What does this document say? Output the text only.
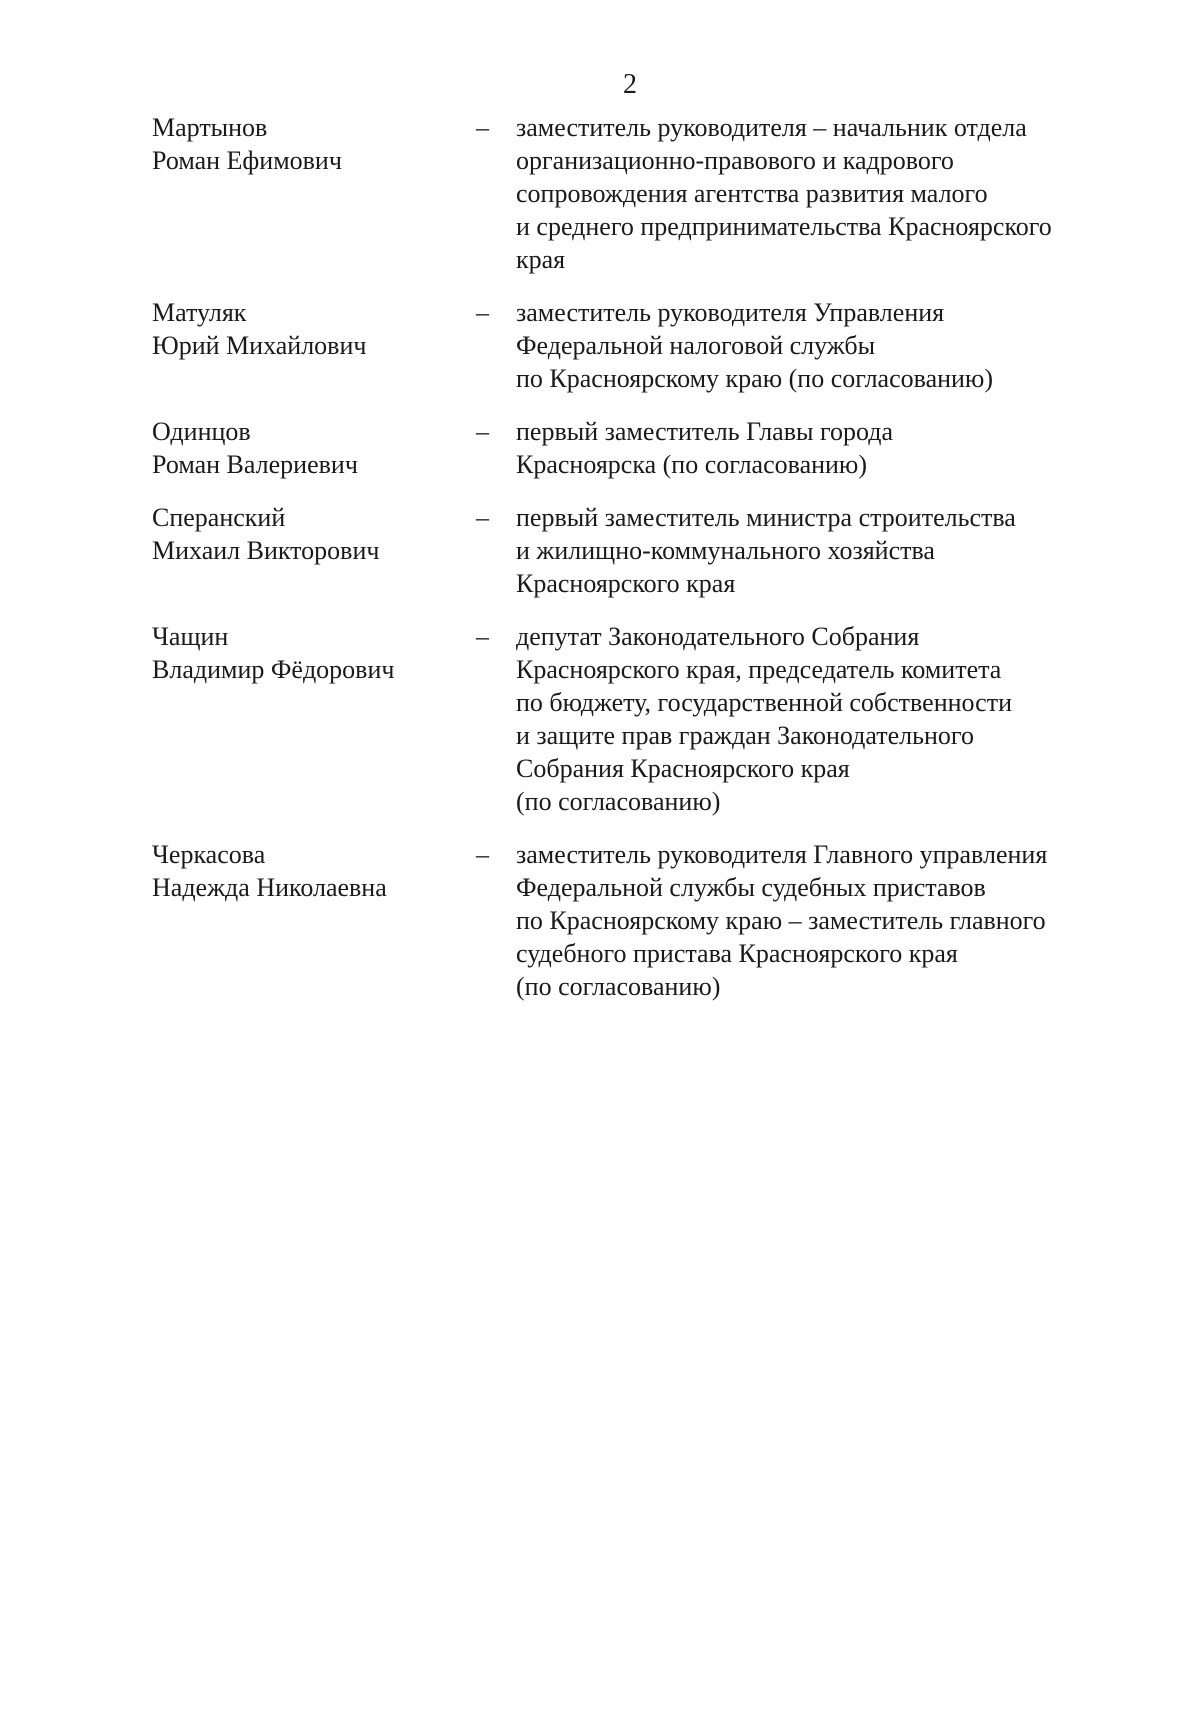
2
Мартынов
Роман Ефимович
– заместитель руководителя – начальник отдела
организационно-правового и кадрового
сопровождения агентства развития малого
и среднего предпринимательства Красноярского
края
Матуляк
Юрий Михайлович
– заместитель руководителя Управления
Федеральной налоговой службы
по Красноярскому краю (по согласованию)
Одинцов
Роман Валериевич
– первый заместитель Главы города
Красноярска (по согласованию)
Сперанский
Михаил Викторович
– первый заместитель министра строительства
и жилищно-коммунального хозяйства
Красноярского края
Чащин
Владимир Фёдорович
– депутат Законодательного Собрания
Красноярского края, председатель комитета
по бюджету, государственной собственности
и защите прав граждан Законодательного
Собрания Красноярского края
(по согласованию)
Черкасова
Надежда Николаевна
– заместитель руководителя Главного управления
Федеральной службы судебных приставов
по Красноярскому краю – заместитель главного
судебного пристава Красноярского края
(по согласованию)
